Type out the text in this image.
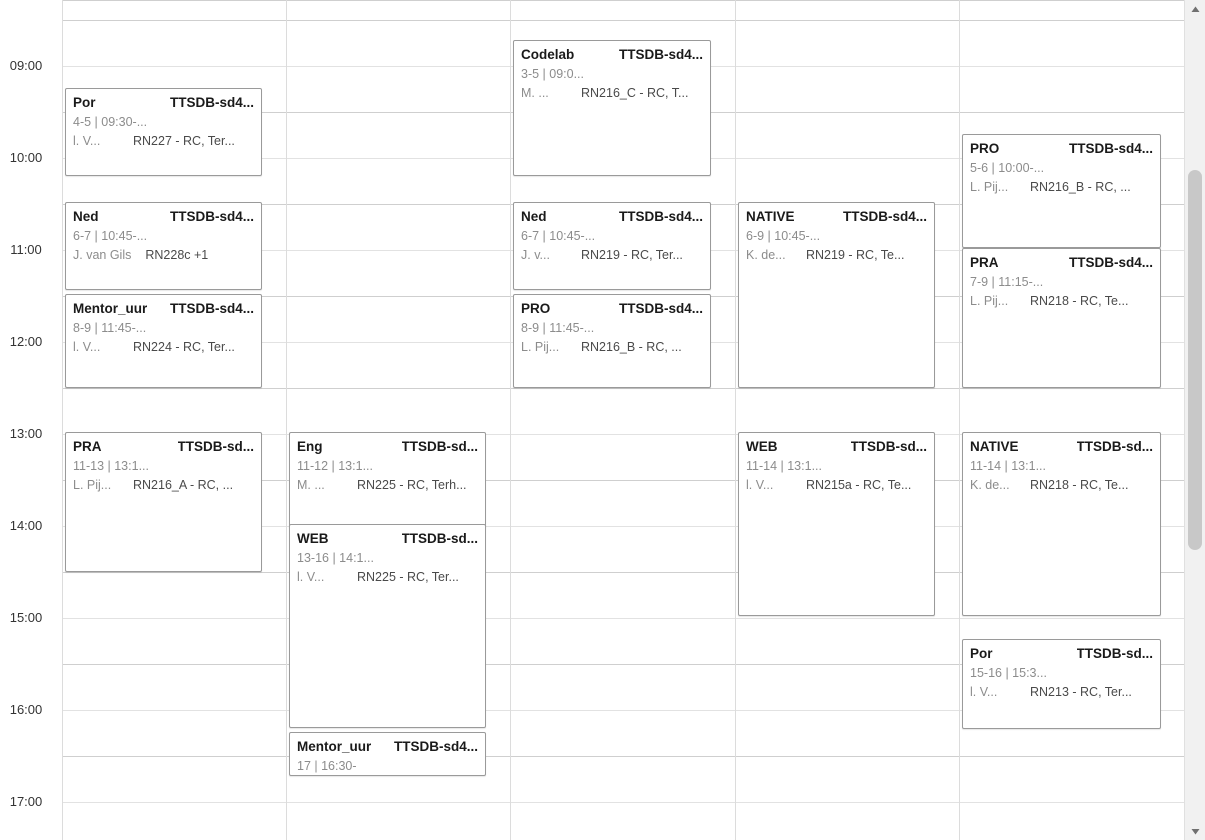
09:00
10:00
11:00
12:00
13:00
14:00
15:00
16:00
17:00
Por	TTSDB-sd4...
4-5 | 09:30-...
l. V...	RN227 - RC, Ter...
Codelab	TTSDB-sd4...
3-5 | 09:0...
M. ...	RN216_C - RC, T...
PRO	TTSDB-sd4...
5-6 | 10:00-...
L. Pij...	RN216_B - RC, ...
Ned	TTSDB-sd4...
6-7 | 10:45-...
J. van Gils RN228c +1
Ned	TTSDB-sd4...
6-7 | 10:45-...
J. v...	RN219 - RC, Ter...
NATIVE	TTSDB-sd4...
6-9 | 10:45-...
K. de...	RN219 - RC, Te...	PRA	TTSDB-sd4...
7-9 | 11:15-...
L. Pij...	RN218 - RC, Te...
Mentor_uur TTSDB-sd4...
8-9 | 11:45-...
l. V...	RN224 - RC, Ter...
PRO	TTSDB-sd4...
8-9 | 11:45-...
L. Pij...	RN216_B - RC, ...
PRA	TTSDB-sd...
11-13 | 13:1...
L. Pij...	RN216_A - RC, ...
Eng	TTSDB-sd...
11-12 | 13:1...
M. ...	RN225 - RC, Terh...
WEB	TTSDB-sd...
11-14 | 13:1...
l. V...	RN215a - RC, Te...
NATIVE	TTSDB-sd...
11-14 | 13:1...
K. de...	RN218 - RC, Te...
WEB	TTSDB-sd...
13-16 | 14:1...
l. V...	RN225 - RC, Ter...
Por	TTSDB-sd...
15-16 | 15:3...
l. V...	RN213 - RC, Ter...
Mentor_uur TTSDB-sd4...
17 | 16:30-
